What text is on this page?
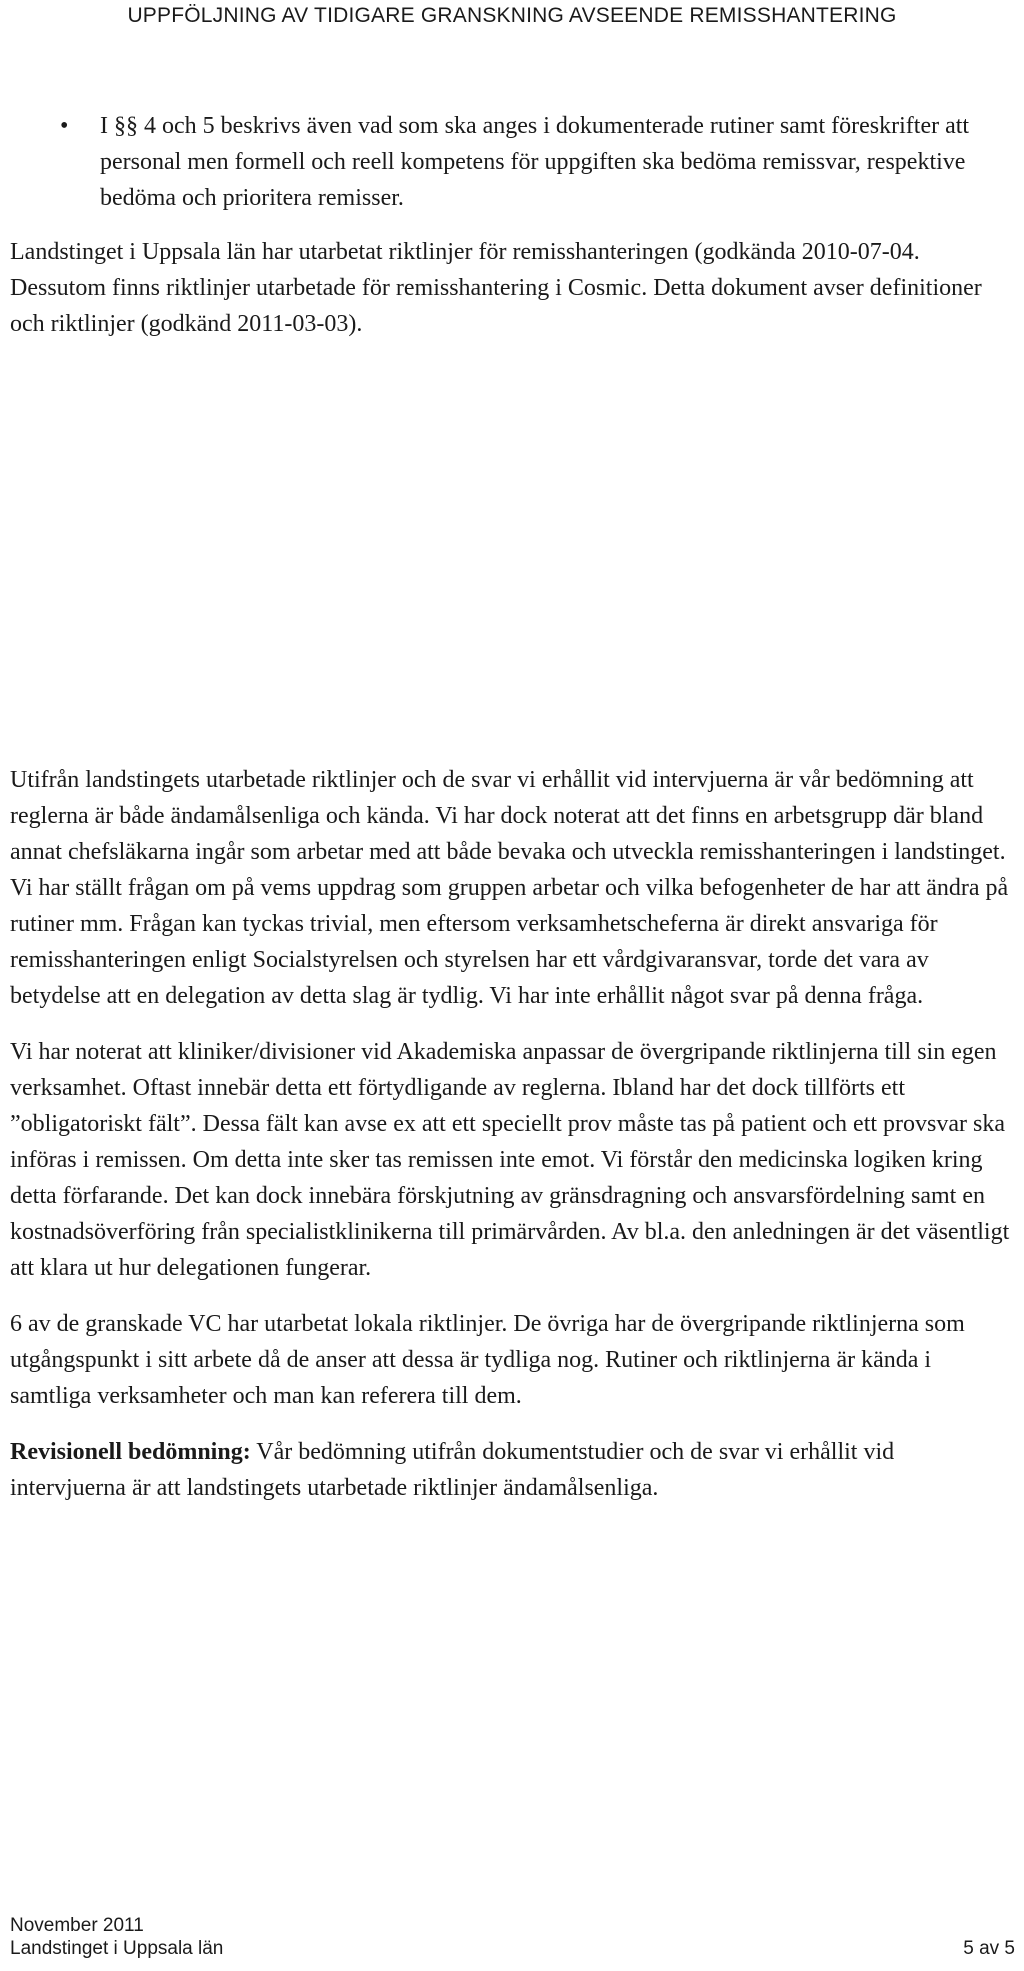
UPPFÖLJNING AV TIDIGARE GRANSKNING AVSEENDE REMISSHANTERING
• I §§ 4 och 5 beskrivs även vad som ska anges i dokumenterade rutiner samt föreskrifter att personal men formell och reell kompetens för uppgiften ska bedöma remissvar, respektive bedöma och prioritera remisser.

Landstinget i Uppsala län har utarbetat riktlinjer för remisshanteringen (godkända 2010-07-04. Dessutom finns riktlinjer utarbetade för remisshantering i Cosmic. Detta dokument avser definitioner och riktlinjer (godkänd 2011-03-03).

Utifrån landstingets utarbetade riktlinjer och de svar vi erhållit vid intervjuerna är vår bedömning att reglerna är både ändamålsenliga och kända. Vi har dock noterat att det finns en arbetsgrupp där bland annat chefsläkarna ingår som arbetar med att både bevaka och utveckla remisshanteringen i landstinget. Vi har ställt frågan om på vems uppdrag som gruppen arbetar och vilka befogenheter de har att ändra på rutiner mm. Frågan kan tyckas trivial, men eftersom verksamhetscheferna är direkt ansvariga för remisshanteringen enligt Socialstyrelsen och styrelsen har ett vårdgivaransvar, torde det vara av betydelse att en delegation av detta slag är tydlig. Vi har inte erhållit något svar på denna fråga.

Vi har noterat att kliniker/divisioner vid Akademiska anpassar de övergripande riktlinjerna till sin egen verksamhet. Oftast innebär detta ett förtydligande av reglerna. Ibland har det dock tillförts ett ”obligatoriskt fält”. Dessa fält kan avse ex att ett speciellt prov måste tas på patient och ett provsvar ska införas i remissen. Om detta inte sker tas remissen inte emot. Vi förstår den medicinska logiken kring detta förfarande. Det kan dock innebära förskjutning av gränsdragning och ansvarsfördelning samt en kostnadsöverföring från specialistklinikerna till primärvården. Av bl.a. den anledningen är det väsentligt att klara ut hur delegationen fungerar.

6 av de granskade VC har utarbetat lokala riktlinjer. De övriga har de övergripande riktlinjerna som utgångspunkt i sitt arbete då de anser att dessa är tydliga nog. Rutiner och riktlinjerna är kända i samtliga verksamheter och man kan referera till dem.

Revisionell bedömning: Vår bedömning utifrån dokumentstudier och de svar vi erhållit vid intervjuerna är att landstingets utarbetade riktlinjer ändamålsenliga.

November 2011
Landstinget i Uppsala län	5 av 5
